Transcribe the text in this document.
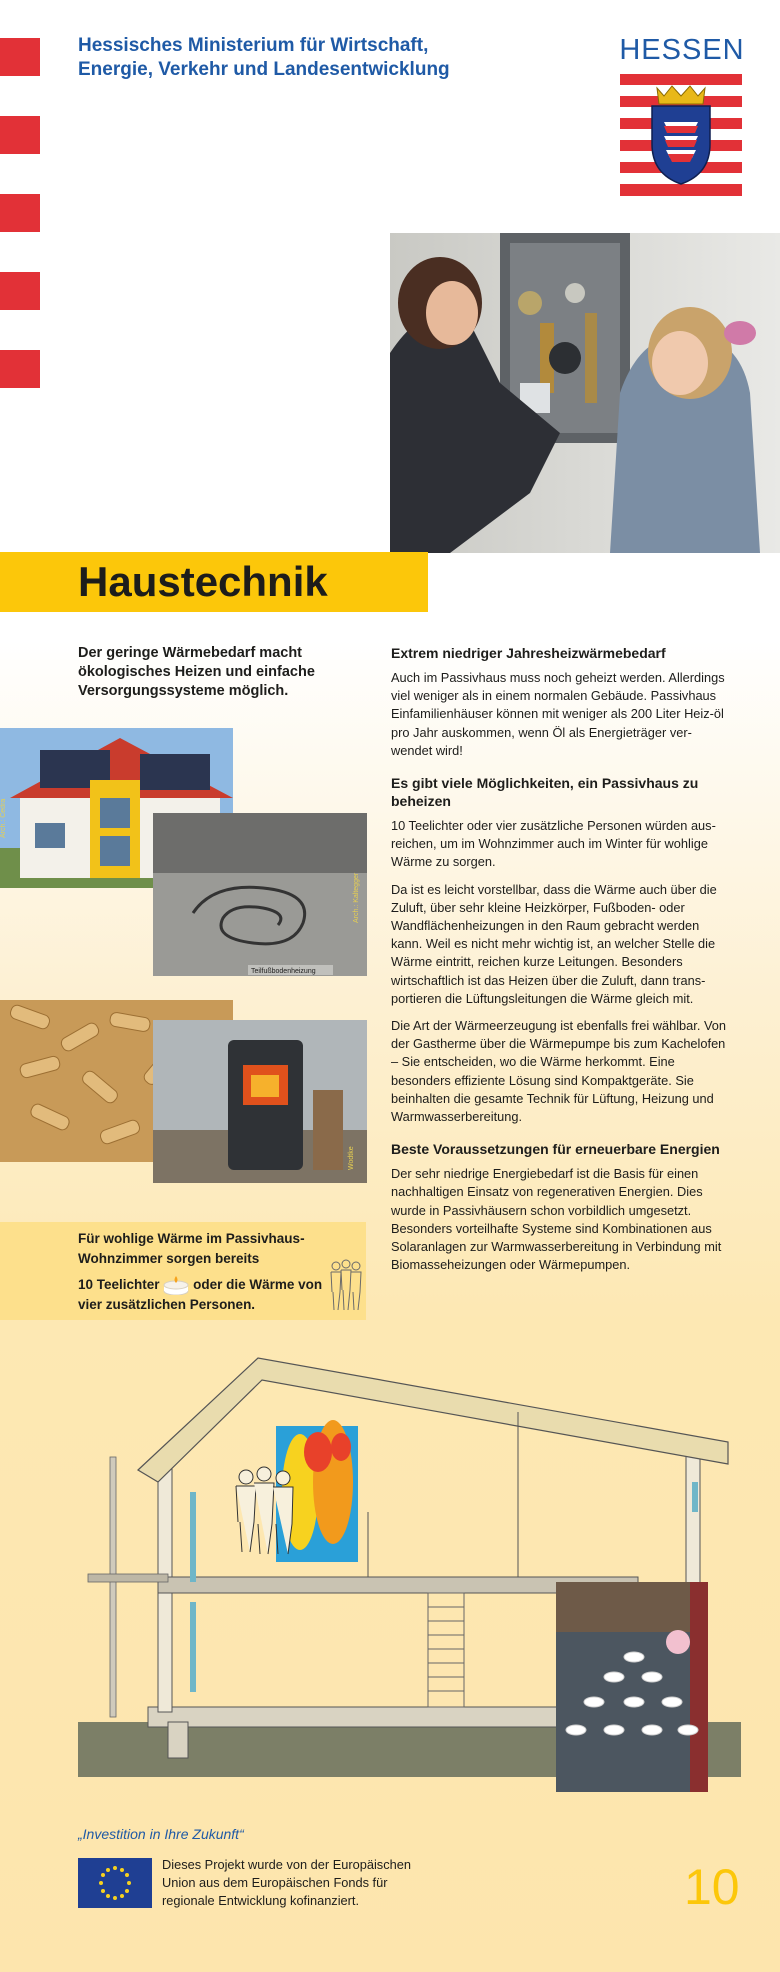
Hessisches Ministerium für Wirtschaft,
Energie, Verkehr und Landesentwicklung
HESSEN
Haustechnik
Der geringe Wärmebedarf macht ökologisches Heizen und einfache Versorgungssysteme möglich.
Arch.: Cedra
Teilfußbodenheizung
Arch.: Kaltegger
Wodtke
Für wohlige Wärme im Passivhaus-
Wohnzimmer sorgen bereits
10 Teelichter oder die Wärme von
vier zusätzlichen Personen.
Extrem niedriger Jahresheizwärmebedarf

Auch im Passivhaus muss noch geheizt werden. Allerdings viel weniger als in einem normalen Gebäude. Passivhaus Einfamilienhäuser können mit weniger als 200 Liter Heiz-öl pro Jahr auskommen, wenn Öl als Energieträger ver-wendet wird!

Es gibt viele Möglichkeiten, ein Passivhaus zu beheizen

10 Teelichter oder vier zusätzliche Personen würden aus-reichen, um im Wohnzimmer auch im Winter für wohlige Wärme zu sorgen.

Da ist es leicht vorstellbar, dass die Wärme auch über die Zuluft, über sehr kleine Heizkörper, Fußboden- oder Wandflächenheizungen in den Raum gebracht werden kann. Weil es nicht mehr wichtig ist, an welcher Stelle die Wärme eintritt, reichen kurze Leitungen. Besonders wirtschaftlich ist das Heizen über die Zuluft, dann trans-portieren die Lüftungsleitungen die Wärme gleich mit.

Die Art der Wärmeerzeugung ist ebenfalls frei wählbar. Von der Gastherme über die Wärmepumpe bis zum Kachelofen – Sie entscheiden, wo die Wärme herkommt. Eine besonders effiziente Lösung sind Kompaktgeräte. Sie beinhalten die gesamte Technik für Lüftung, Heizung und Warmwasserbereitung.

Beste Voraussetzungen für erneuerbare Energien

Der sehr niedrige Energiebedarf ist die Basis für einen nachhaltigen Einsatz von regenerativen Energien. Dies wurde in Passivhäusern schon vorbildlich umgesetzt. Besonders vorteilhafte Systeme sind Kombinationen aus Solaranlagen zur Warmwasserbereitung in Verbindung mit Biomasseheizungen oder Wärmepumpen.

„Investition in Ihre Zukunft“
Dieses Projekt wurde von der Europäischen Union aus dem Europäischen Fonds für regionale Entwicklung kofinanziert.	10
